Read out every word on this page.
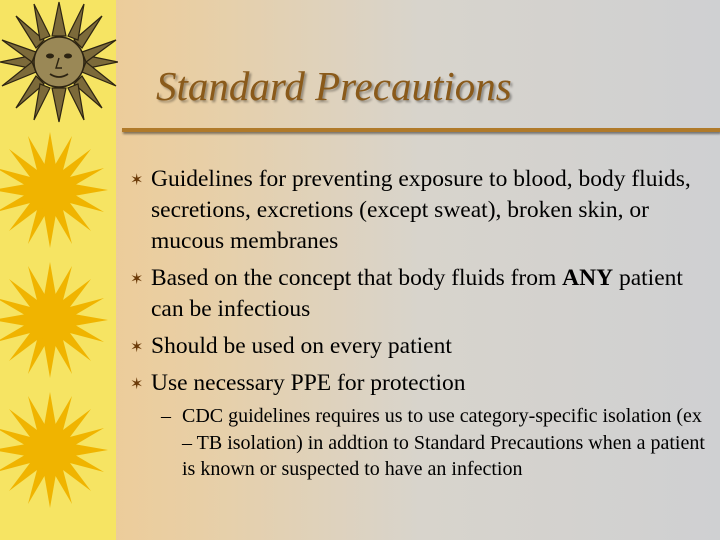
Standard Precautions
✶ Guidelines for preventing exposure to blood, body fluids, secretions, excretions (except sweat), broken skin, or mucous membranes
✶ Based on the concept that body fluids from ANY patient can be infectious
✶ Should be used on every patient
✶ Use necessary PPE for protection
– CDC guidelines requires us to use category-specific isolation (ex – TB isolation) in addtion to Standard Precautions when a patient is known or suspected to have an infection
